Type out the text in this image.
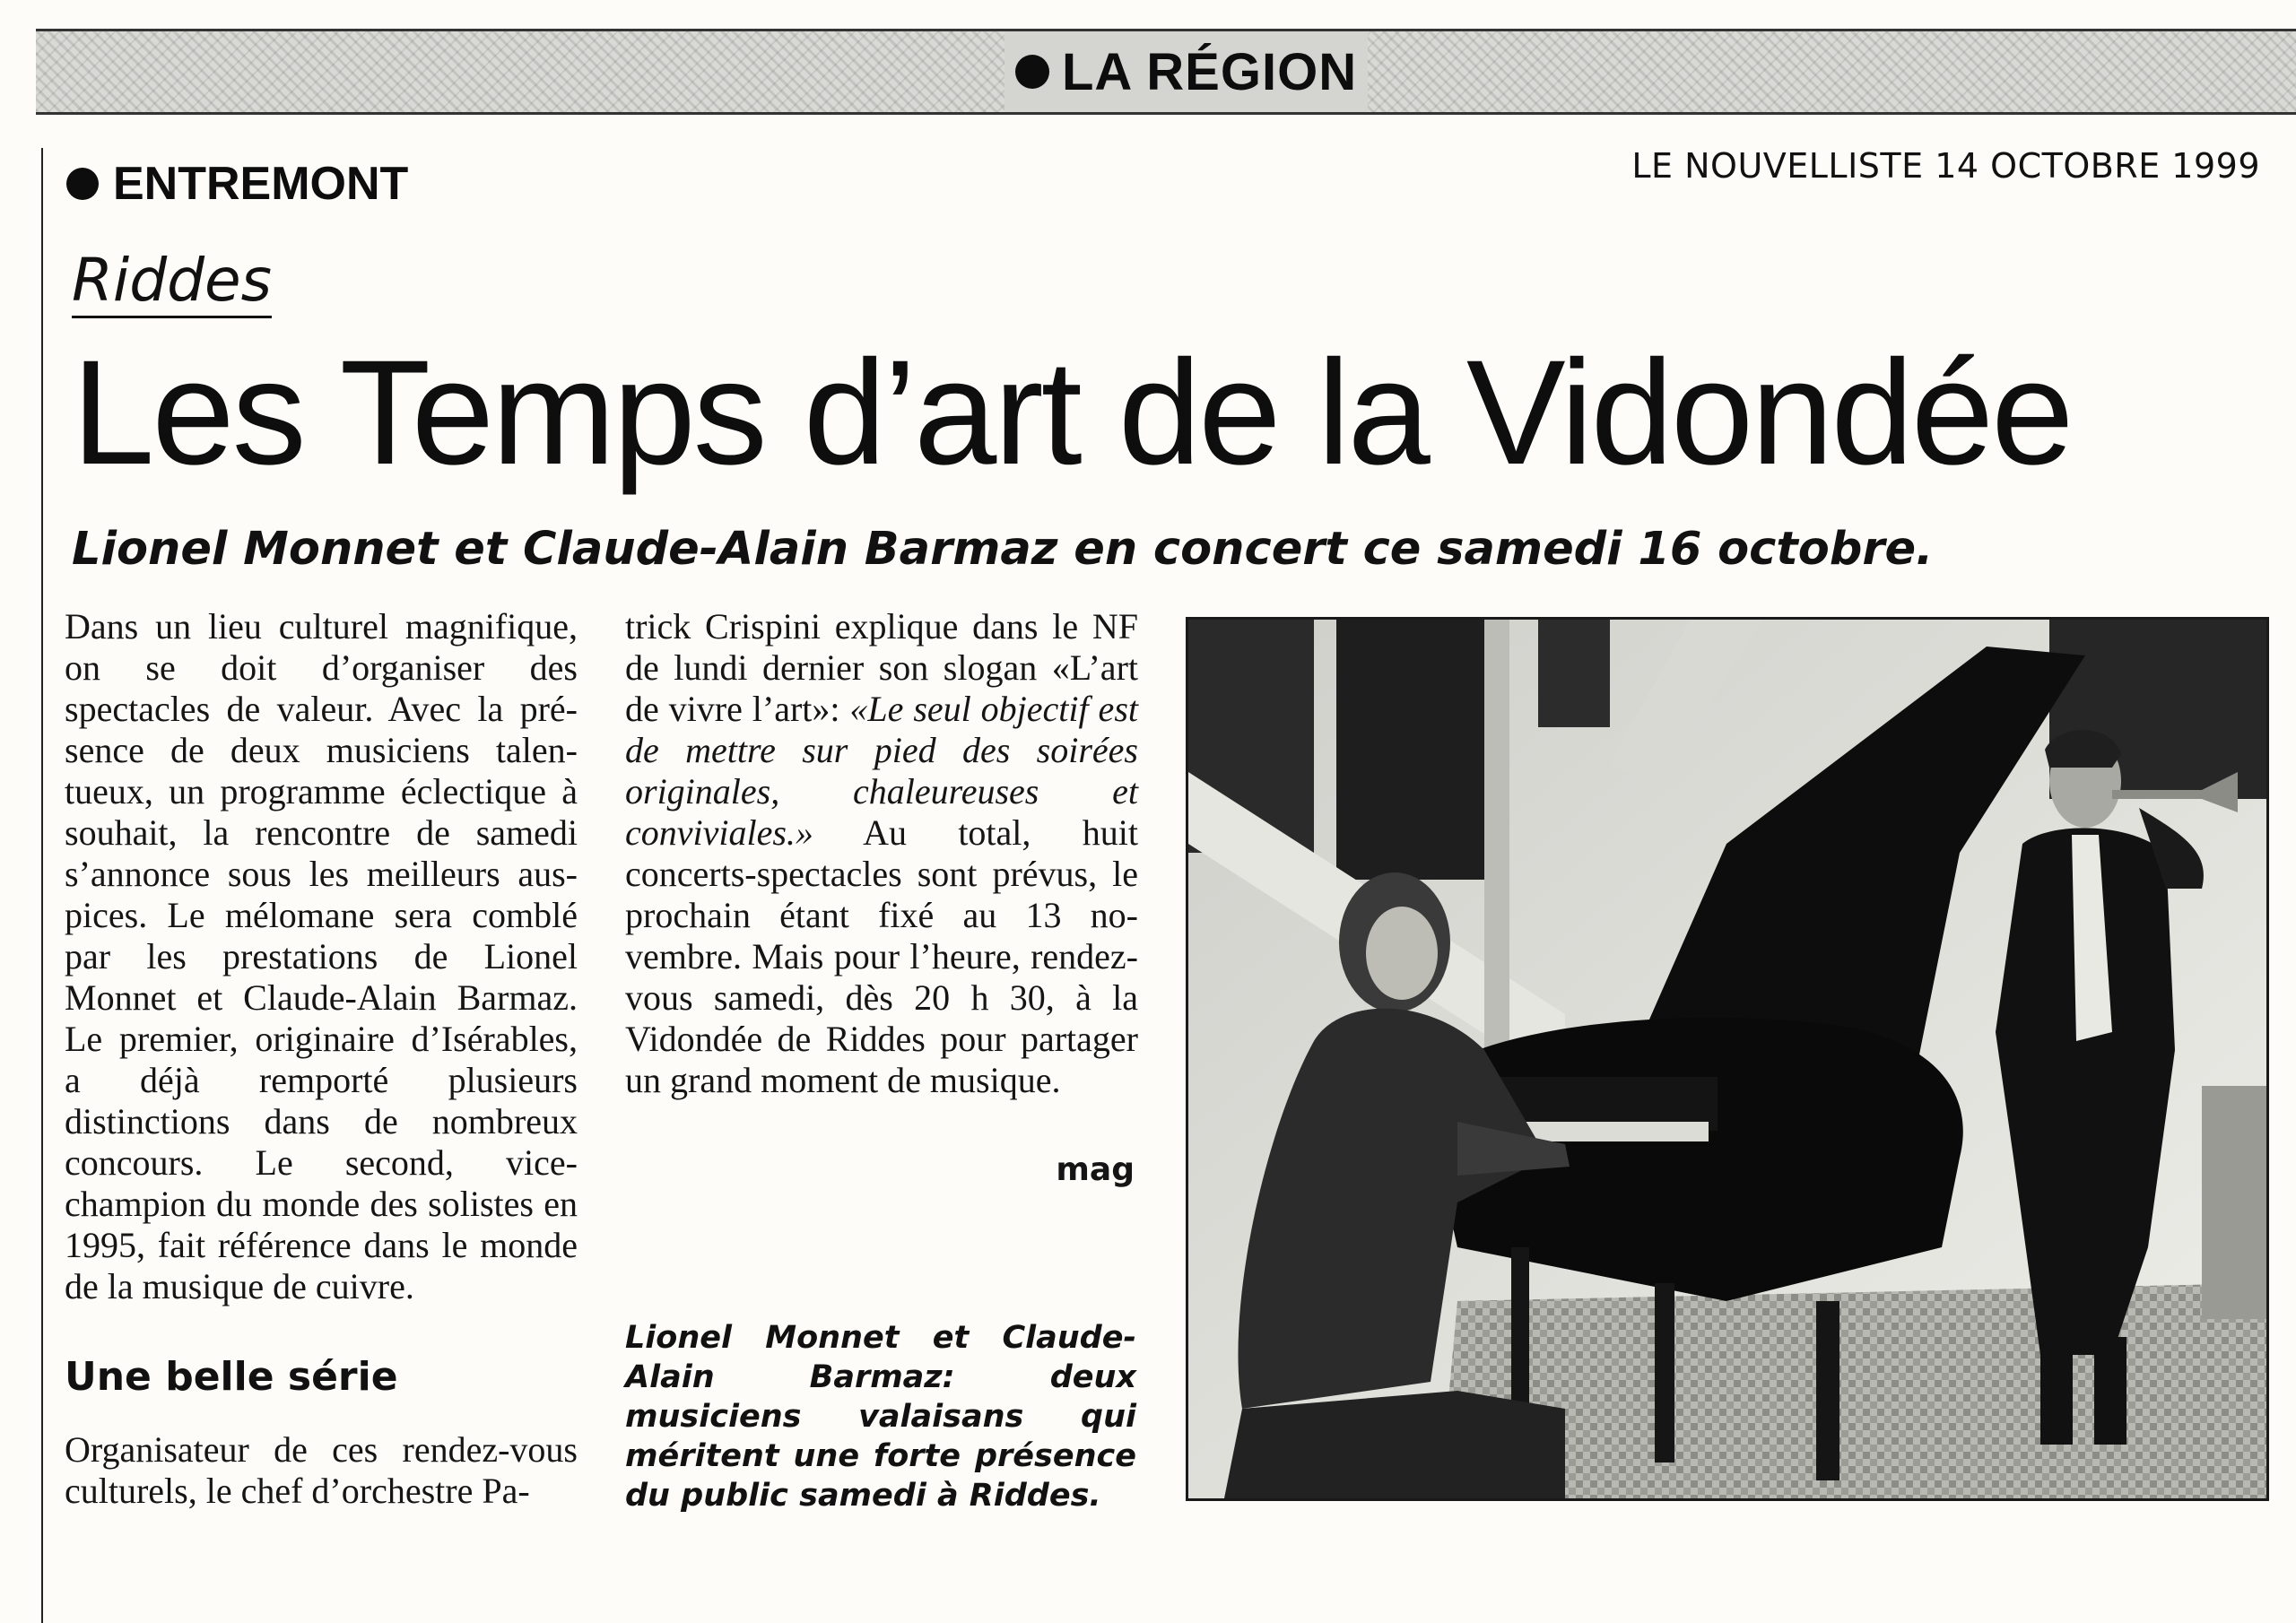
LA RÉGION
ENTREMONT	LE NOUVELLISTE 14 OCTOBRE 1999
Riddes
Les Temps d’art de la Vidondée
Lionel Monnet et Claude-Alain Barmaz en concert ce samedi 16 octobre.

Dans un lieu culturel magnifique, on se doit d’organiser des spectacles de valeur. Avec la présence de deux musiciens talentueux, un programme éclectique à souhait, la rencontre de samedi s’annonce sous les meilleurs auspices. Le mélomane sera comblé par les prestations de Lionel Monnet et Claude-Alain Barmaz. Le premier, originaire d’Isérables, a déjà remporté plusieurs distinctions dans de nombreux concours. Le second, vice-champion du monde des solistes en 1995, fait référence dans le monde de la musique de cuivre.

Une belle série

Organisateur de ces rendez-vous culturels, le chef d’orchestre Pa-

trick Crispini explique dans le NF de lundi dernier son slogan «L’art de vivre l’art»: «Le seul objectif est de mettre sur pied des soirées originales, chaleureuses et conviviales.» Au total, huit concerts-spectacles sont prévus, le prochain étant fixé au 13 novembre. Mais pour l’heure, rendez-vous samedi, dès 20 h 30, à la Vidondée de Riddes pour partager un grand moment de musique.

mag
Lionel Monnet et Claude-Alain Barmaz: deux musiciens valaisans qui méritent une forte présence du public samedi à Riddes.
